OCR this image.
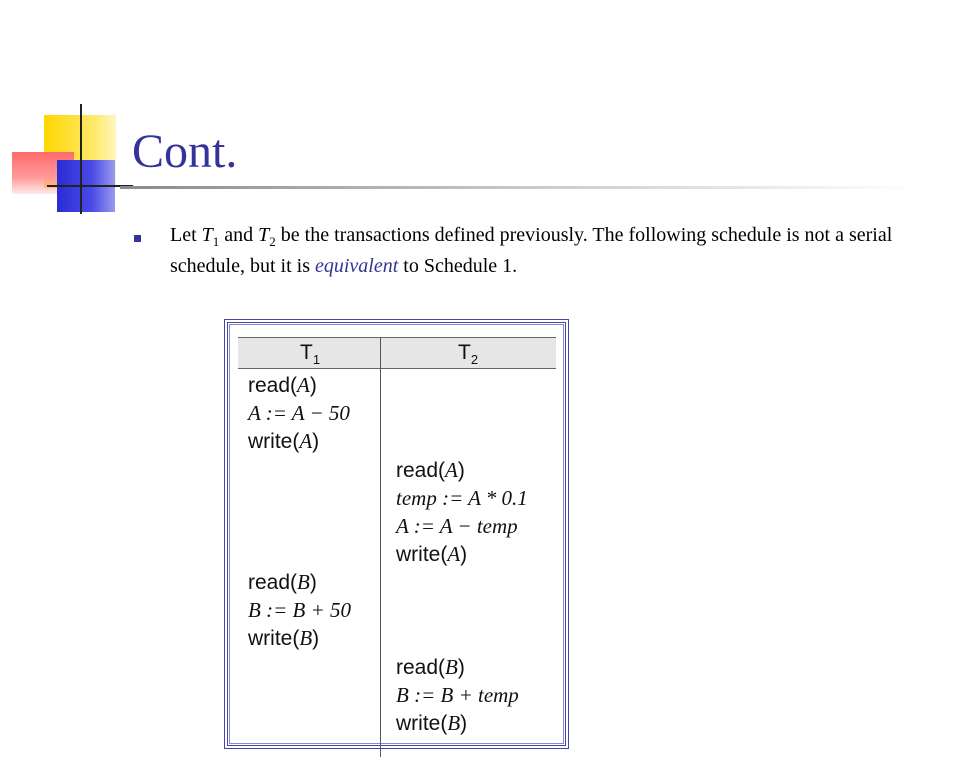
Cont.

Let $T_1$ and $T_2$ be the transactions defined previously. The following schedule is not a serial schedule, but it is equivalent to Schedule 1.

$T_1$	$T_2$
read(A)
A := A − 50
write(A)
read(B)
B := B + 50
write(B)
read(A)
temp := A * 0.1
A := A − temp
write(A)
read(B)
B := B + temp
write(B)
